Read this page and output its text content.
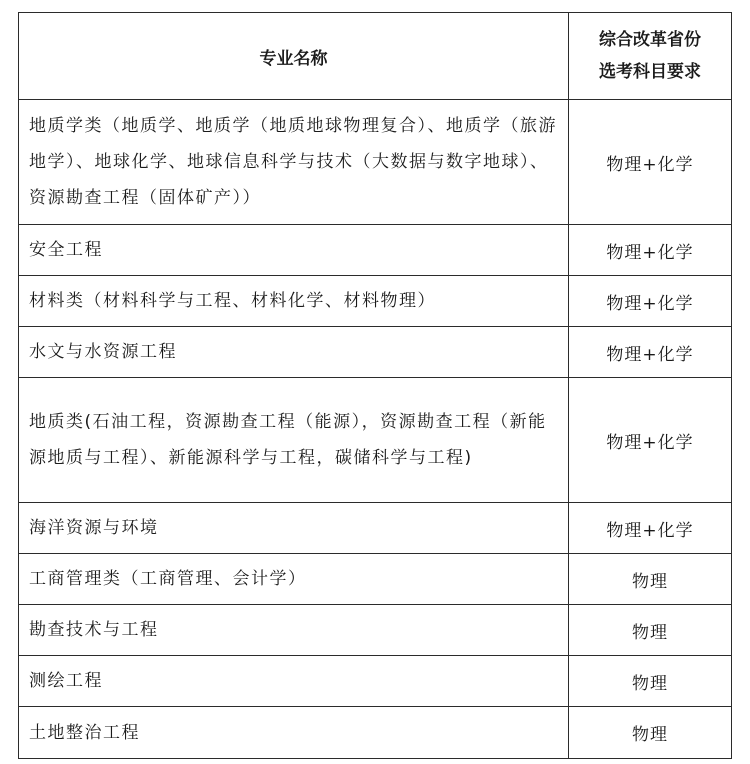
专业名称	综合改革省份
选考科目要求

地质学类（地质学、地质学（地质地球物理复合）、地质学（旅游地学）、地球化学、地球信息科学与技术（大数据与数字地球）、资源勘查工程（固体矿产））	物理+化学
安全工程	物理+化学
材料类（材料科学与工程、材料化学、材料物理）	物理+化学
水文与水资源工程	物理+化学
地质类(石油工程，资源勘查工程（能源），资源勘查工程（新能源地质与工程）、新能源科学与工程，碳储科学与工程)	物理+化学
海洋资源与环境	物理+化学
工商管理类（工商管理、会计学）	物理
勘查技术与工程	物理
测绘工程	物理
土地整治工程	物理
